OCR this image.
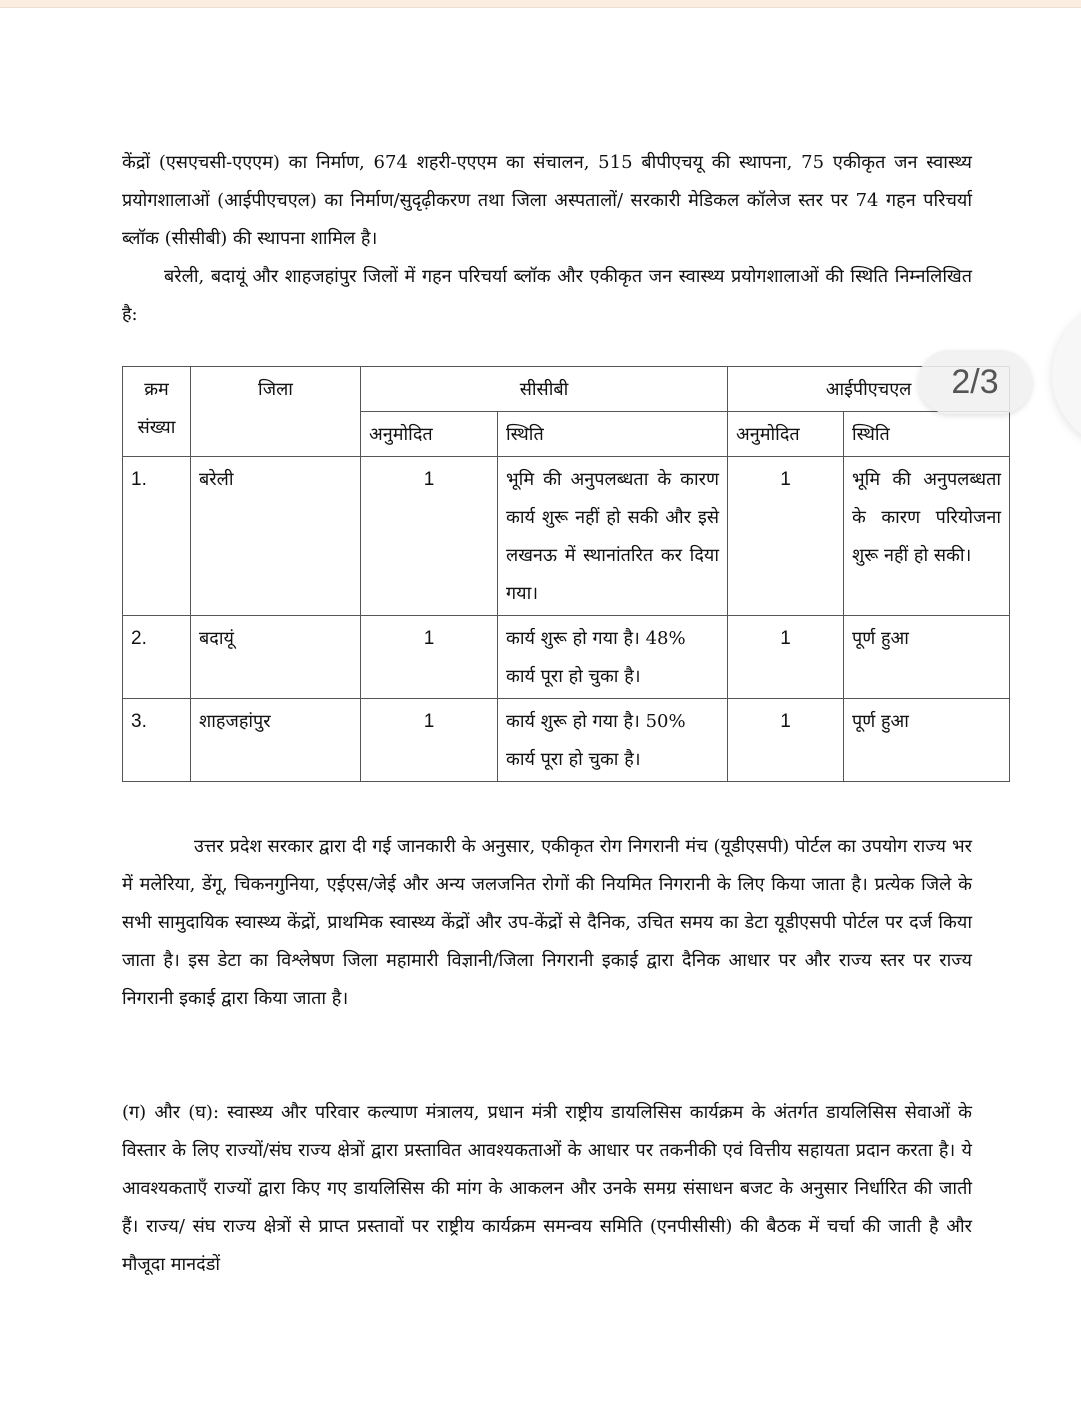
केंद्रों (एसएचसी-एएएम) का निर्माण, 674 शहरी-एएएम का संचालन, 515 बीपीएचयू की स्थापना, 75 एकीकृत जन स्वास्थ्य प्रयोगशालाओं (आईपीएचएल) का निर्माण/सुदृढ़ीकरण तथा जिला अस्पतालों/ सरकारी मेडिकल कॉलेज स्तर पर 74 गहन परिचर्या ब्लॉक (सीसीबी) की स्थापना शामिल है।

बरेली, बदायूं और शाहजहांपुर जिलों में गहन परिचर्या ब्लॉक और एकीकृत जन स्वास्थ्य प्रयोगशालाओं की स्थिति निम्नलिखित है:

क्रम संख्या	जिला	सीसीबी		आईपीएचएल	
		अनुमोदित	स्थिति	अनुमोदित	स्थिति
1.	बरेली	1	भूमि की अनुपलब्धता के कारण कार्य शुरू नहीं हो सकी और इसे लखनऊ में स्थानांतरित कर दिया गया।	1	भूमि की अनुपलब्धता के कारण परियोजना शुरू नहीं हो सकी।
2.	बदायूं	1	कार्य शुरू हो गया है। 48% कार्य पूरा हो चुका है।	1	पूर्ण हुआ
3.	शाहजहांपुर	1	कार्य शुरू हो गया है। 50% कार्य पूरा हो चुका है।	1	पूर्ण हुआ

उत्तर प्रदेश सरकार द्वारा दी गई जानकारी के अनुसार, एकीकृत रोग निगरानी मंच (यूडीएसपी) पोर्टल का उपयोग राज्य भर में मलेरिया, डेंगू, चिकनगुनिया, एईएस/जेई और अन्य जलजनित रोगों की नियमित निगरानी के लिए किया जाता है। प्रत्येक जिले के सभी सामुदायिक स्वास्थ्य केंद्रों, प्राथमिक स्वास्थ्य केंद्रों और उप-केंद्रों से दैनिक, उचित समय का डेटा यूडीएसपी पोर्टल पर दर्ज किया जाता है। इस डेटा का विश्लेषण जिला महामारी विज्ञानी/जिला निगरानी इकाई द्वारा दैनिक आधार पर और राज्य स्तर पर राज्य निगरानी इकाई द्वारा किया जाता है।

(ग) और (घ): स्वास्थ्य और परिवार कल्याण मंत्रालय, प्रधान मंत्री राष्ट्रीय डायलिसिस कार्यक्रम के अंतर्गत डायलिसिस सेवाओं के विस्तार के लिए राज्यों/संघ राज्य क्षेत्रों द्वारा प्रस्तावित आवश्यकताओं के आधार पर तकनीकी एवं वित्तीय सहायता प्रदान करता है। ये आवश्यकताएँ राज्यों द्वारा किए गए डायलिसिस की मांग के आकलन और उनके समग्र संसाधन बजट के अनुसार निर्धारित की जाती हैं। राज्य/ संघ राज्य क्षेत्रों से प्राप्त प्रस्तावों पर राष्ट्रीय कार्यक्रम समन्वय समिति (एनपीसीसी) की बैठक में चर्चा की जाती है और मौजूदा मानदंडों

2/3
